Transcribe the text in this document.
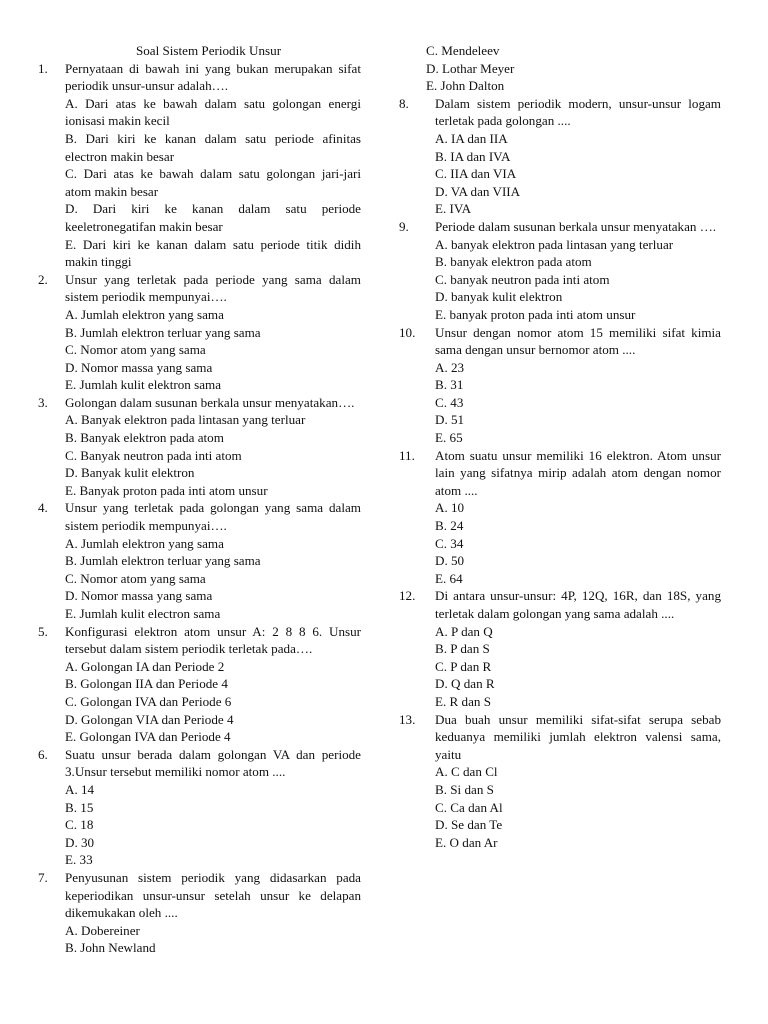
Soal Sistem Periodik Unsur

1.	Pernyataan di bawah ini yang bukan merupakan sifat periodik unsur-unsur adalah….

A. Dari atas ke bawah dalam satu golongan energi ionisasi makin kecil

B. Dari kiri ke kanan dalam satu periode afinitas electron makin besar

C. Dari atas ke bawah dalam satu golongan jari-jari atom makin besar

D. Dari kiri ke kanan dalam satu periode keeletronegatifan makin besar

E. Dari kiri ke kanan dalam satu periode titik didih makin tinggi

2.	Unsur yang terletak pada periode yang sama dalam sistem periodik mempunyai….

A. Jumlah elektron yang sama

B. Jumlah elektron terluar yang sama

C. Nomor atom yang sama

D. Nomor massa yang sama

E. Jumlah kulit elektron sama

3.	Golongan dalam susunan berkala unsur menyatakan….

A. Banyak elektron pada lintasan yang terluar

B. Banyak elektron pada atom

C. Banyak neutron pada inti atom

D. Banyak kulit elektron

E. Banyak proton pada inti atom unsur

4.	Unsur yang terletak pada golongan yang sama dalam sistem periodik mempunyai….

A. Jumlah elektron yang sama

B. Jumlah elektron terluar yang sama

C. Nomor atom yang sama

D. Nomor massa yang sama

E. Jumlah kulit electron sama

5.	Konfigurasi elektron atom unsur A: 2 8 8 6. Unsur tersebut dalam sistem periodik terletak pada….

A. Golongan IA dan Periode 2

B. Golongan IIA dan Periode 4

C. Golongan IVA dan Periode 6

D. Golongan VIA dan Periode 4

E. Golongan IVA dan Periode 4

6.	Suatu unsur berada dalam golongan VA dan periode 3.Unsur tersebut memiliki nomor atom ....

A. 14

B. 15

C. 18

D. 30

E. 33

7.	Penyusunan sistem periodik yang didasarkan pada keperiodikan unsur-unsur setelah unsur ke delapan dikemukakan oleh ....

A. Dobereiner

B. John Newland

C. Mendeleev

D. Lothar Meyer

E. John Dalton

8.	Dalam sistem periodik modern, unsur-unsur logam terletak pada golongan ....

A. IA dan IIA

B. IA dan IVA

C. IIA dan VIA

D. VA dan VIIA

E. IVA

9.	Periode dalam susunan berkala unsur menyatakan ….

A. banyak elektron pada lintasan yang terluar

B. banyak elektron pada atom

C. banyak neutron pada inti atom

D. banyak kulit elektron

E. banyak proton pada inti atom unsur

10.	Unsur dengan nomor atom 15 memiliki sifat kimia sama dengan unsur bernomor atom ....

A. 23

B. 31

C. 43

D. 51

E. 65

11.	Atom suatu unsur memiliki 16 elektron. Atom unsur lain yang sifatnya mirip adalah atom dengan nomor atom ....

A. 10

B. 24

C. 34

D. 50

E. 64

12.	Di antara unsur-unsur: 4P, 12Q, 16R, dan 18S, yang terletak dalam golongan yang sama adalah ....

A. P dan Q

B. P dan S

C. P dan R

D. Q dan R

E. R dan S

13.	Dua buah unsur memiliki sifat-sifat serupa sebab keduanya memiliki jumlah elektron valensi sama, yaitu

A. C dan Cl

B. Si dan S

C. Ca dan Al

D. Se dan Te

E. O dan Ar
